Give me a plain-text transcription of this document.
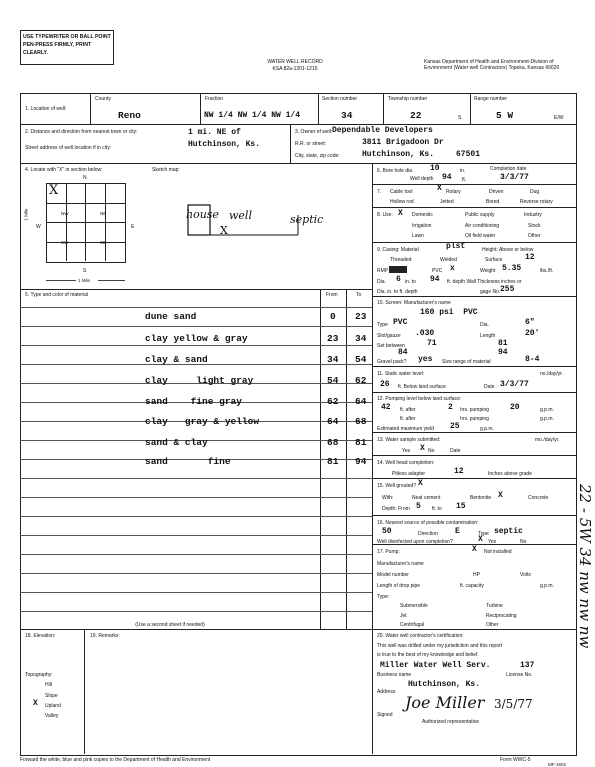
USE TYPEWRITER OR BALL POINT PEN-PRESS FIRMLY, PRINT CLEARLY.
WATER WELL RECORD
KSA 82a-1201-1215
Kansas Department of Health and Environment-Division of Environment (Water well Contractors) Topeka, Kansas 66620
1. Location of well:
County
Reno
Fraction
NW 1/4 NW 1/4 NW 1/4
Section number
34
Township number
22	S
Range number
5 W	E/W
2. Distance and direction from nearest town or city:	1 mi. NE of Hutchinson, Ks.
Street address of well location if in city:
3. Owner of well: Dependable Developers
R.R. or street:	3811 Brigadoon Dr
City, state, zip code:	Hutchinson, Ks.	67501
4. Locate with "X" in section below:	Sketch map:
N
S
W	E
NW	NE
SW	SE
X
1 Mile
1 Mile
house well
X
septic
5. Type and color of material	From	To
dune sand	0 23
clay yellow & gray	23 34
clay & sand	34 54
clay     light gray	54 62
sand    fine gray	62 64
clay   gray & yellow	64 68
sand & clay	68 81
sand       fine	81 94
(Use a second sheet if needed)
6. Bore hole dia 10	in.	Completion date
Well depth 94 ft.	3/3/77
7. Cable tool	Rotary	Driven	Dug
Hollow rod	Jetted	Bored	Reverse rotary
X
8. Use:	Domestic	Public supply	Industry
Irrigation	Air conditioning	Stock
Lawn	Oil field water	Other
X
9. Casing: Material	plst	Height: Above or below
Threaded	Welded	Surface	12
RMP	PVC x	Weight 5.35	lbs./ft.
Dia. 6 in. to 94 ft. depth Wall Thickness inches or
Dia. in. to ft. depth	gage No. 255
10. Screen: Manufacturer's name
160 psi  PVC
Type PVC	Dia.	6"
Slot/gauze .030	Length	20'
Set between	71	81
84	94
Gravel pack? yes Size range of material	8-4
11. Static water level:	no./day/yr.
26 ft. Below land surface	Date 3/3/77
12. Pumping level below land surface:
42 ft. after	2 hrs. pumping	20	g.p.m.
ft. after	hrs. pumping	g.p.m.
Estimated maximum yield 25	g.p.m.
13. Water sample submitted:	mo./day/yr.
Yes X No	Date
14. Well head completion:
Pitless adapter	12	Inches above grade
15. Well grouted? X
With:	Neat cement	Bentonite X	Concrete
Depth: From 5 ft. to 15
16. Nearest source of possible contamination:
50	Direction E	Type septic
Well disinfected upon completion?	X Yes	No
17. Pump:	X Not installed
Manufacturer's name
Model number	HP	Volts
Length of drop pipe	ft. capacity	g.p.m.
Type:
Submersible	Turbine
Jet	Reciprocating
Centrifugal	Other
18. Elevation:
Topography:
Hill
Slope
X Upland
Valley
19. Remarks:	20. Water well contractor's certification:
This well was drilled under my jurisdiction and this report
is true to the best of my knowledge and belief.
Miller Water Well Serv.	137
Business name	License No.
Hutchinson, Ks.
Address
Joe Miller 3/5/77
Signed
Authorized representative
Forward the white, blue and pink copies to the Department of Health and Environment	Form WWC-5
MF-1602
22 - 5W 34 nw nw nw
